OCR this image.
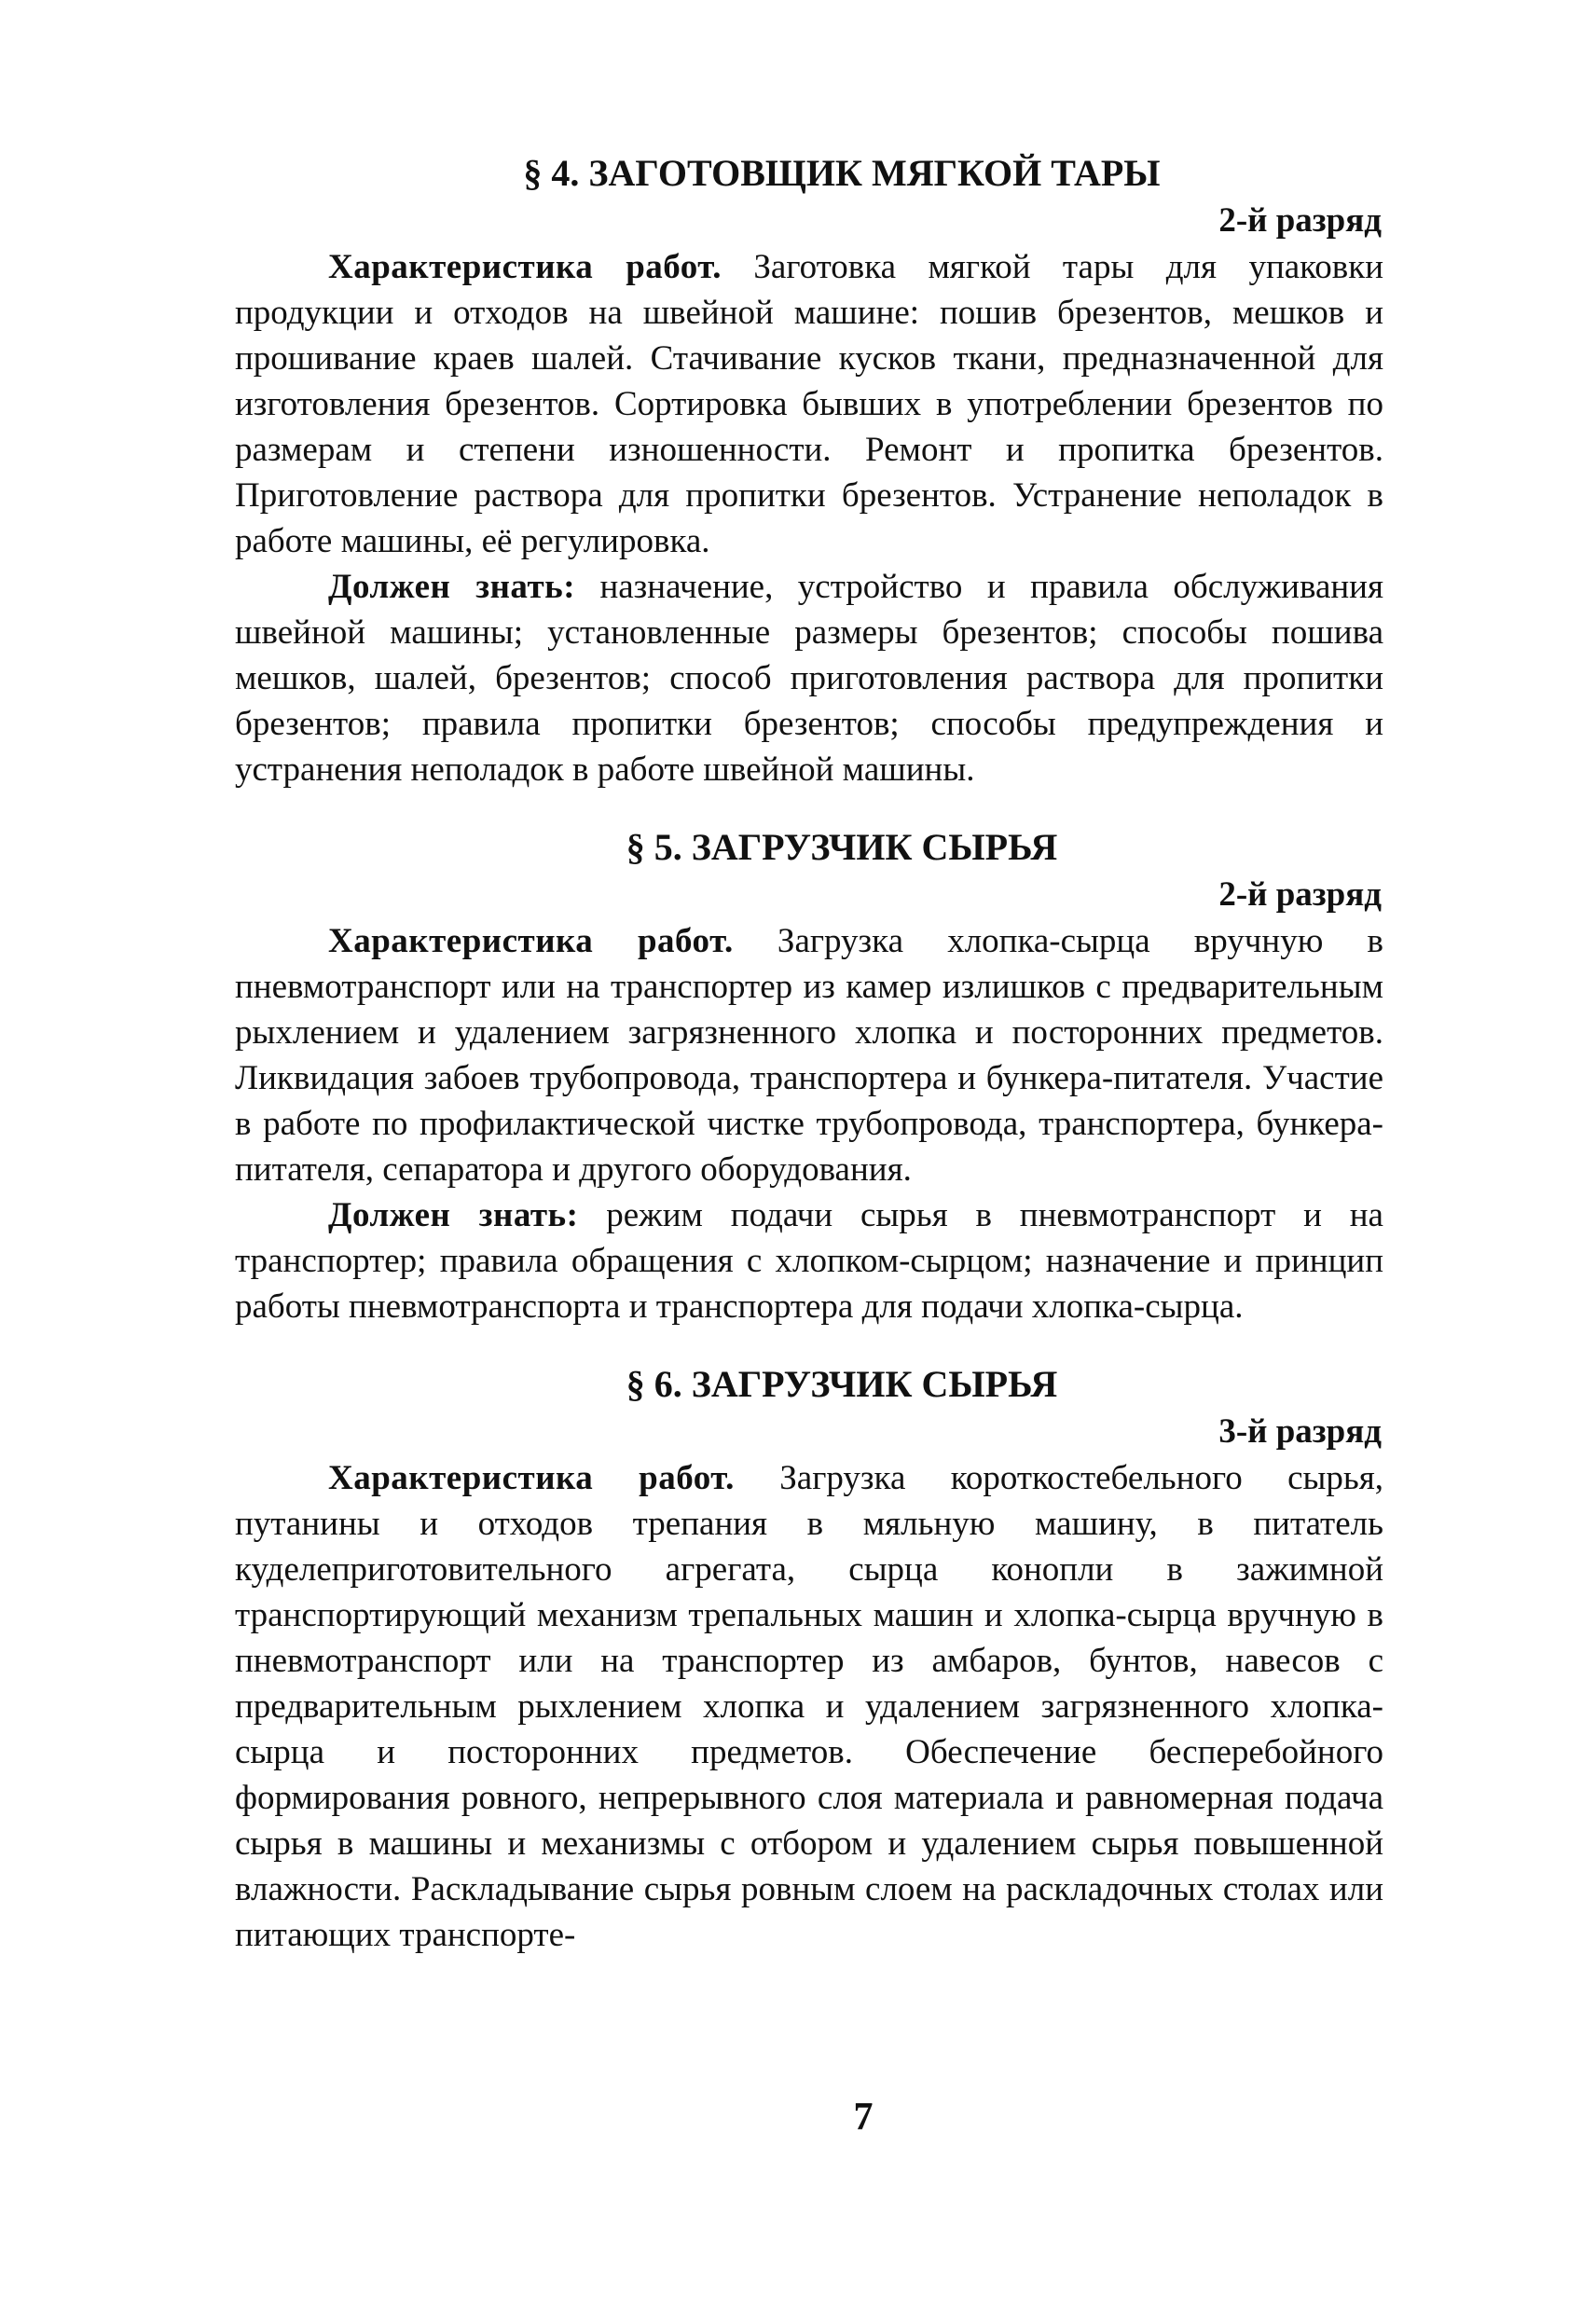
§ 4. ЗАГОТОВЩИК МЯГКОЙ ТАРЫ
2-й разряд

Характеристика работ. Заготовка мягкой тары для упаковки продукции и отходов на швейной машине: пошив брезентов, мешков и прошивание краев шалей. Стачивание кусков ткани, предназначенной для изготовления брезентов. Сортировка бывших в употреблении брезентов по размерам и степени изношенности. Ремонт и пропитка брезентов. Приготовление раствора для пропитки брезентов. Устранение неполадок в работе машины, её регулировка.

Должен знать: назначение, устройство и правила обслуживания швейной машины; установленные размеры брезентов; способы пошива мешков, шалей, брезентов; способ приготовления раствора для пропитки брезентов; правила пропитки брезентов; способы предупреждения и устранения неполадок в работе швейной машины.

§ 5. ЗАГРУЗЧИК СЫРЬЯ
2-й разряд

Характеристика работ. Загрузка хлопка-сырца вручную в пневмотранспорт или на транспортер из камер излишков с предварительным рыхлением и удалением загрязненного хлопка и посторонних предметов. Ликвидация забоев трубопровода, транспортера и бункера-питателя. Участие в работе по профилактической чистке трубопровода, транспортера, бункера-питателя, сепаратора и другого оборудования.

Должен знать: режим подачи сырья в пневмотранспорт и на транспортер; правила обращения с хлопком-сырцом; назначение и принцип работы пневмотранспорта и транспортера для подачи хлопка-сырца.

§ 6. ЗАГРУЗЧИК СЫРЬЯ
3-й разряд

Характеристика работ. Загрузка короткостебельного сырья, путанины и отходов трепания в мяльную машину, в питатель куделеприготовительного агрегата, сырца конопли в зажимной транспортирующий механизм трепальных машин и хлопка-сырца вручную в пневмотранспорт или на транспортер из амбаров, бунтов, навесов с предварительным рыхлением хлопка и удалением загрязненного хлопка-сырца и посторонних предметов. Обеспечение бесперебойного формирования ровного, непрерывного слоя материала и равномерная подача сырья в машины и механизмы с отбором и удалением сырья повышенной влажности. Раскладывание сырья ровным слоем на раскладочных столах или питающих транспорте-

7
